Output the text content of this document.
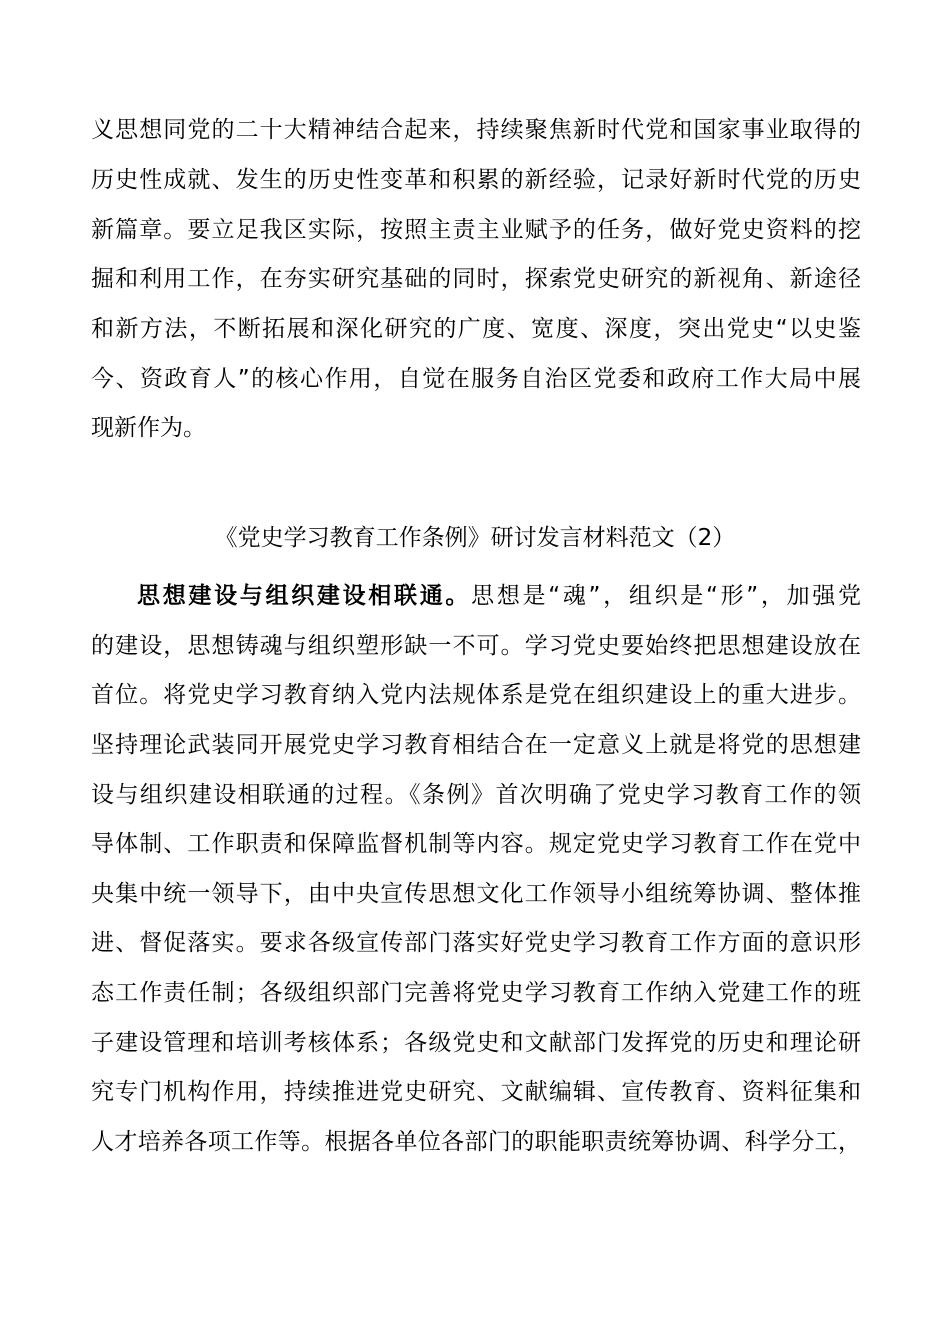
义思想同党的二十大精神结合起来，持续聚焦新时代党和国家事业取得的
历史性成就、发生的历史性变革和积累的新经验，记录好新时代党的历史
新篇章。要立足我区实际，按照主责主业赋予的任务，做好党史资料的挖
掘和利用工作，在夯实研究基础的同时，探索党史研究的新视角、新途径
和新方法，不断拓展和深化研究的广度、宽度、深度，突出党史“以史鉴
今、资政育人”的核心作用，自觉在服务自治区党委和政府工作大局中展
现新作为。
《党史学习教育工作条例》研讨发言材料范文（2）
思想建设与组织建设相联通。思想是“魂”，组织是“形”，加强党
的建设，思想铸魂与组织塑形缺一不可。学习党史要始终把思想建设放在
首位。将党史学习教育纳入党内法规体系是党在组织建设上的重大进步。
坚持理论武装同开展党史学习教育相结合在一定意义上就是将党的思想建
设与组织建设相联通的过程。《条例》首次明确了党史学习教育工作的领
导体制、工作职责和保障监督机制等内容。规定党史学习教育工作在党中
央集中统一领导下，由中央宣传思想文化工作领导小组统筹协调、整体推
进、督促落实。要求各级宣传部门落实好党史学习教育工作方面的意识形
态工作责任制；各级组织部门完善将党史学习教育工作纳入党建工作的班
子建设管理和培训考核体系；各级党史和文献部门发挥党的历史和理论研
究专门机构作用，持续推进党史研究、文献编辑、宣传教育、资料征集和
人才培养各项工作等。根据各单位各部门的职能职责统筹协调、科学分工，
